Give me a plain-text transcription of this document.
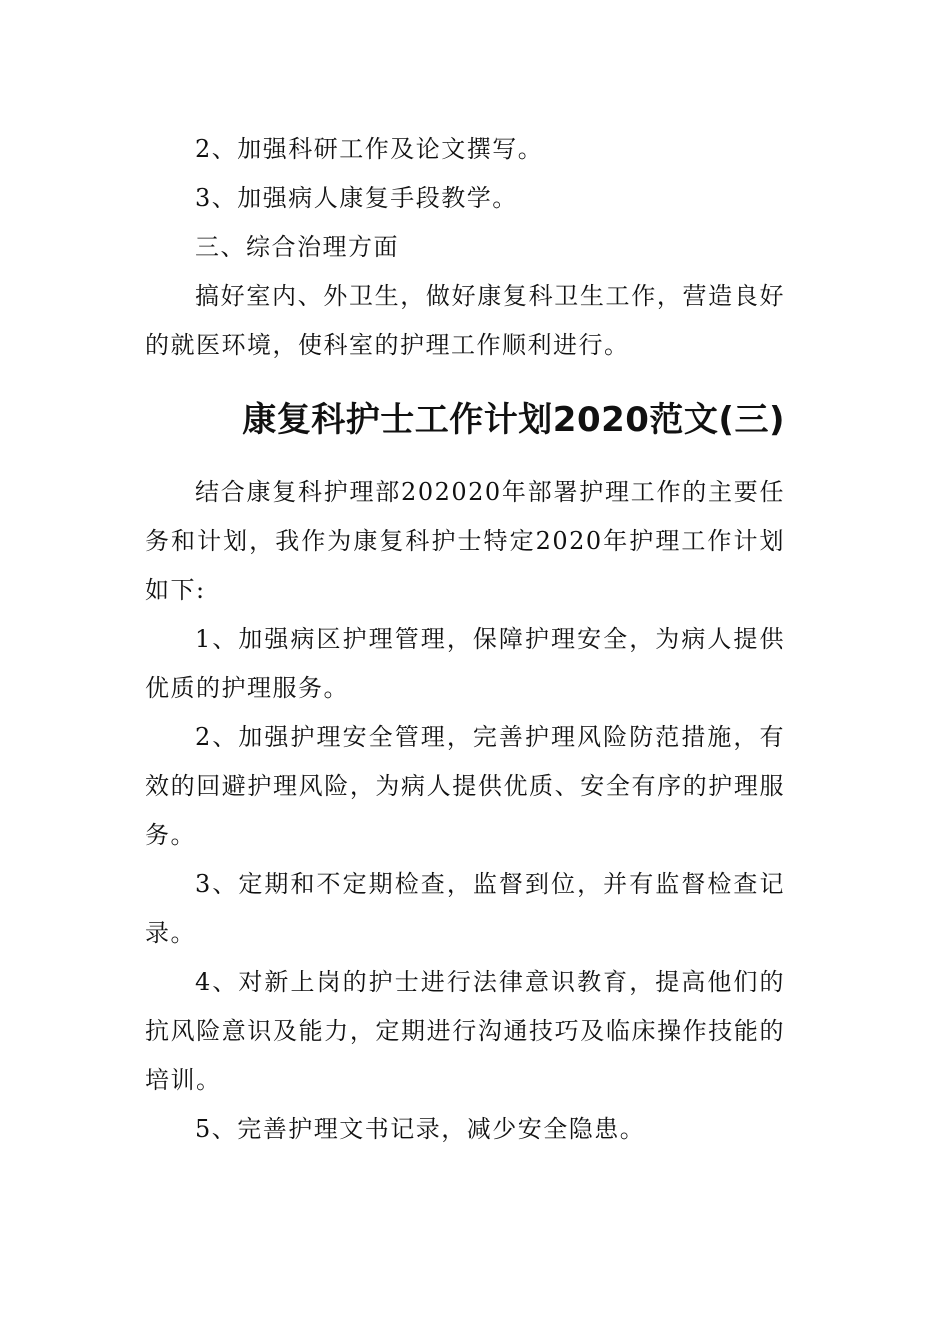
2、加强科研工作及论文撰写。

3、加强病人康复手段教学。

三、综合治理方面

搞好室内、外卫生，做好康复科卫生工作，营造良好的就医环境，使科室的护理工作顺利进行。

康复科护士工作计划2020范文(三)

结合康复科护理部202020年部署护理工作的主要任务和计划，我作为康复科护士特定2020年护理工作计划如下:

1、加强病区护理管理，保障护理安全，为病人提供优质的护理服务。

2、加强护理安全管理，完善护理风险防范措施，有效的回避护理风险，为病人提供优质、安全有序的护理服务。

3、定期和不定期检查，监督到位，并有监督检查记录。

4、对新上岗的护士进行法律意识教育，提高他们的抗风险意识及能力，定期进行沟通技巧及临床操作技能的培训。

5、完善护理文书记录，减少安全隐患。
